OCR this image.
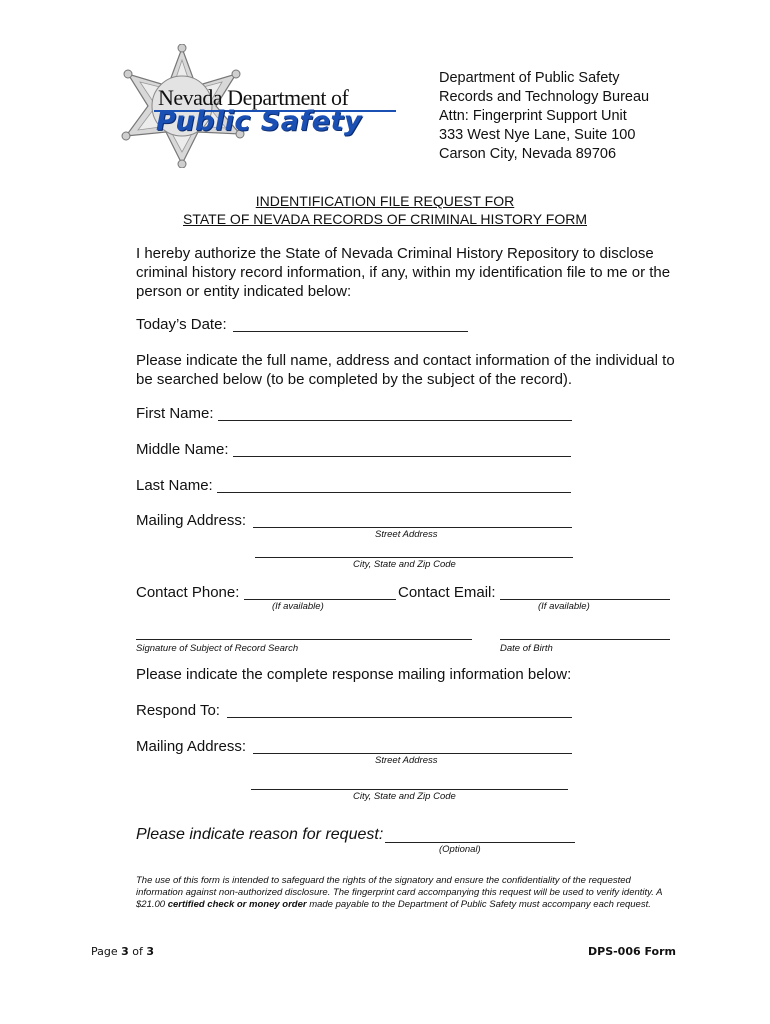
Nevada Department of
Public Safety
Department of Public Safety
Records and Technology Bureau
Attn: Fingerprint Support Unit
333 West Nye Lane, Suite 100
Carson City, Nevada 89706
INDENTIFICATION FILE REQUEST FOR
STATE OF NEVADA RECORDS OF CRIMINAL HISTORY FORM
I hereby authorize the State of Nevada Criminal History Repository to disclose criminal history record information, if any, within my identification file to me or the person or entity indicated below:
Today’s Date:
Please indicate the full name, address and contact information of the individual to be searched below (to be completed by the subject of the record).
First Name:
Middle Name:
Last Name:
Mailing Address:
Street Address
City, State and Zip Code
Contact Phone:	Contact Email:
(If available)	(If available)
Signature of Subject of Record Search	Date of Birth
Please indicate the complete response mailing information below:
Respond To:
Mailing Address:
Street Address
City, State and Zip Code
Please indicate reason for request:
(Optional)
The use of this form is intended to safeguard the rights of the signatory and ensure the confidentiality of the requested information against non-authorized disclosure. The fingerprint card accompanying this request will be used to verify identity. A $21.00 certified check or money order made payable to the Department of Public Safety must accompany each request.
Page 3 of 3	DPS-006 Form
